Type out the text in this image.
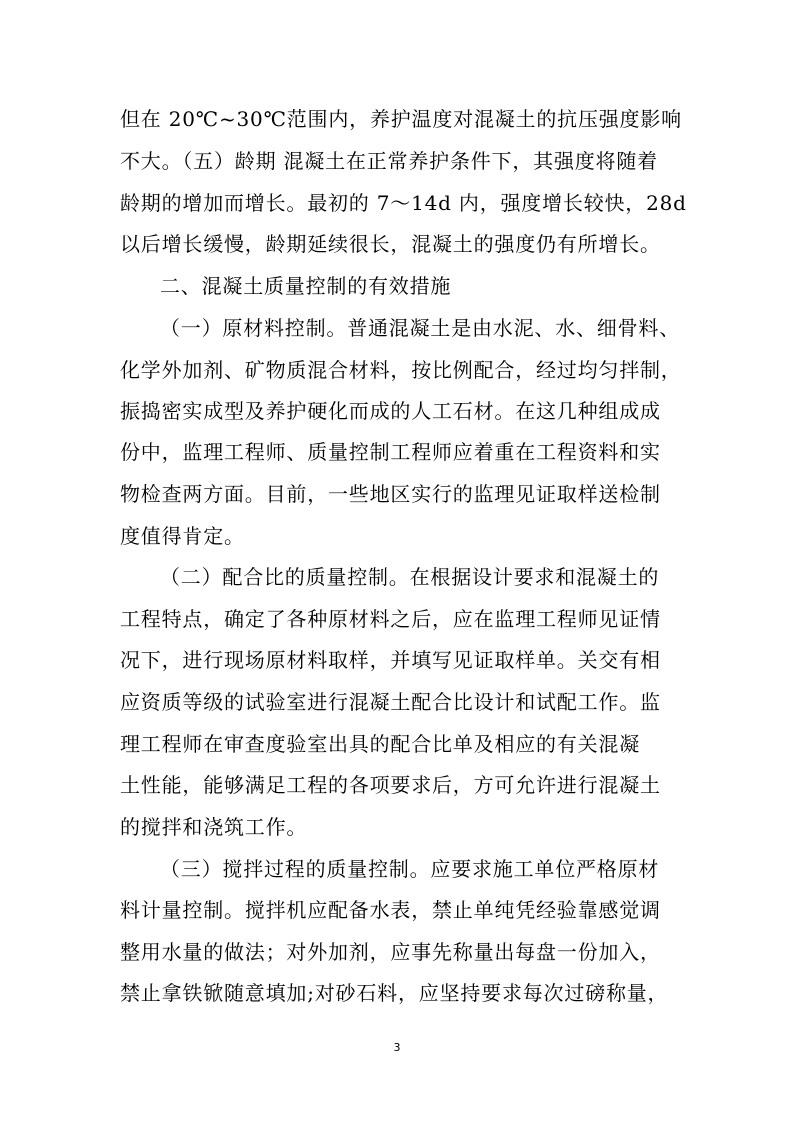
但在 20℃~30℃范围内，养护温度对混凝土的抗压强度影响
不大。（五）龄期 混凝土在正常养护条件下，其强度将随着
龄期的增加而增长。最初的 7～14d 内，强度增长较快，28d
以后增长缓慢，龄期延续很长，混凝土的强度仍有所增长。
二、混凝土质量控制的有效措施
（一）原材料控制。普通混凝土是由水泥、水、细骨料、
化学外加剂、矿物质混合材料，按比例配合，经过均匀拌制，
振捣密实成型及养护硬化而成的人工石材。在这几种组成成
份中，监理工程师、质量控制工程师应着重在工程资料和实
物检查两方面。目前，一些地区实行的监理见证取样送检制
度值得肯定。
（二）配合比的质量控制。在根据设计要求和混凝土的
工程特点，确定了各种原材料之后，应在监理工程师见证情
况下，进行现场原材料取样，并填写见证取样单。关交有相
应资质等级的试验室进行混凝土配合比设计和试配工作。监
理工程师在审查度验室出具的配合比单及相应的有关混凝
土性能，能够满足工程的各项要求后，方可允许进行混凝土
的搅拌和浇筑工作。
（三）搅拌过程的质量控制。应要求施工单位严格原材
料计量控制。搅拌机应配备水表，禁止单纯凭经验靠感觉调
整用水量的做法；对外加剂，应事先称量出每盘一份加入，
禁止拿铁锨随意填加;对砂石料，应坚持要求每次过磅称量，
3
